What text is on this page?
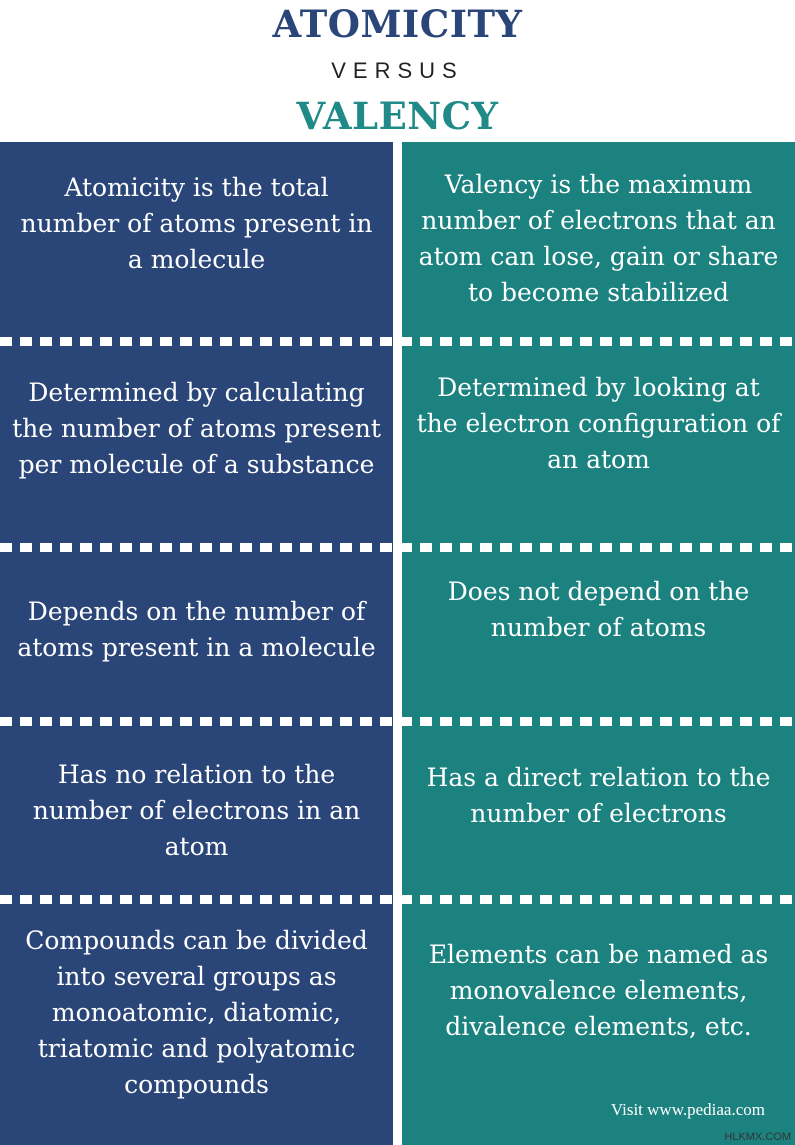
ATOMICITY
VERSUS
VALENCY
Atomicity is the total number of atoms present in a molecule
Determined by calculating the number of atoms present per molecule of a substance
Depends on the number of atoms present in a molecule
Has no relation to the number of electrons in an atom
Compounds can be divided into several groups as monoatomic, diatomic, triatomic and polyatomic compounds
Valency is the maximum number of electrons that an atom can lose, gain or share to become stabilized
Determined by looking at the electron configuration of an atom
Does not depend on the number of atoms
Has a direct relation to the number of electrons
Elements can be named as monovalence elements, divalence elements, etc.
Visit www.pediaa.com
HLKMX.COM
